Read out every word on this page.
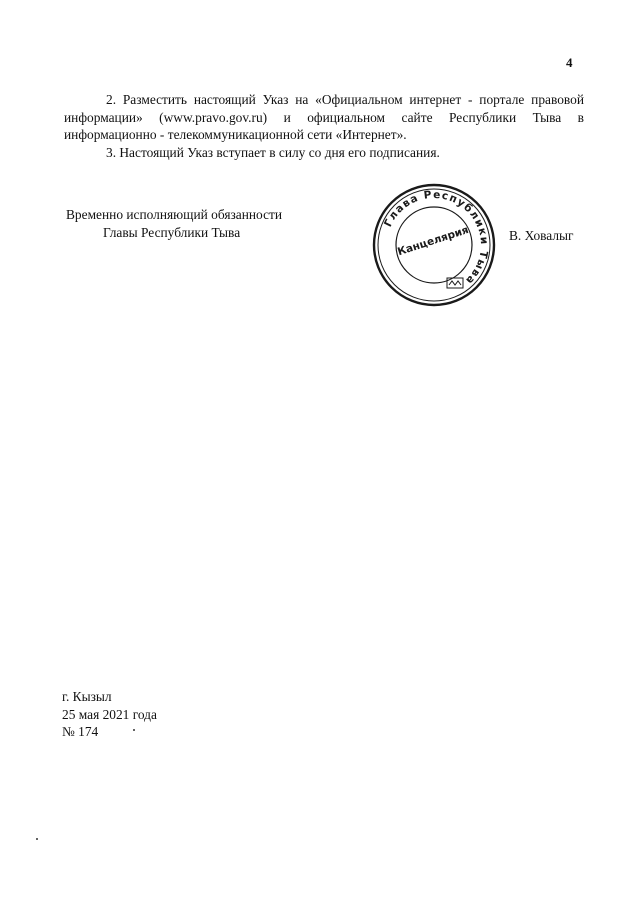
4

2. Разместить настоящий Указ на «Официальном интернет - портале правовой информации» (www.pravo.gov.ru) и официальном сайте Республики Тыва в информационно - телекоммуникационной сети «Интернет».

3. Настоящий Указ вступает в силу со дня его подписания.

Временно исполняющий обязанности
Главы Республики Тыва
Глава Республики Тыва
Канцелярия	В. Ховалыг
г. Кызыл
25 мая 2021 года
№ 174
